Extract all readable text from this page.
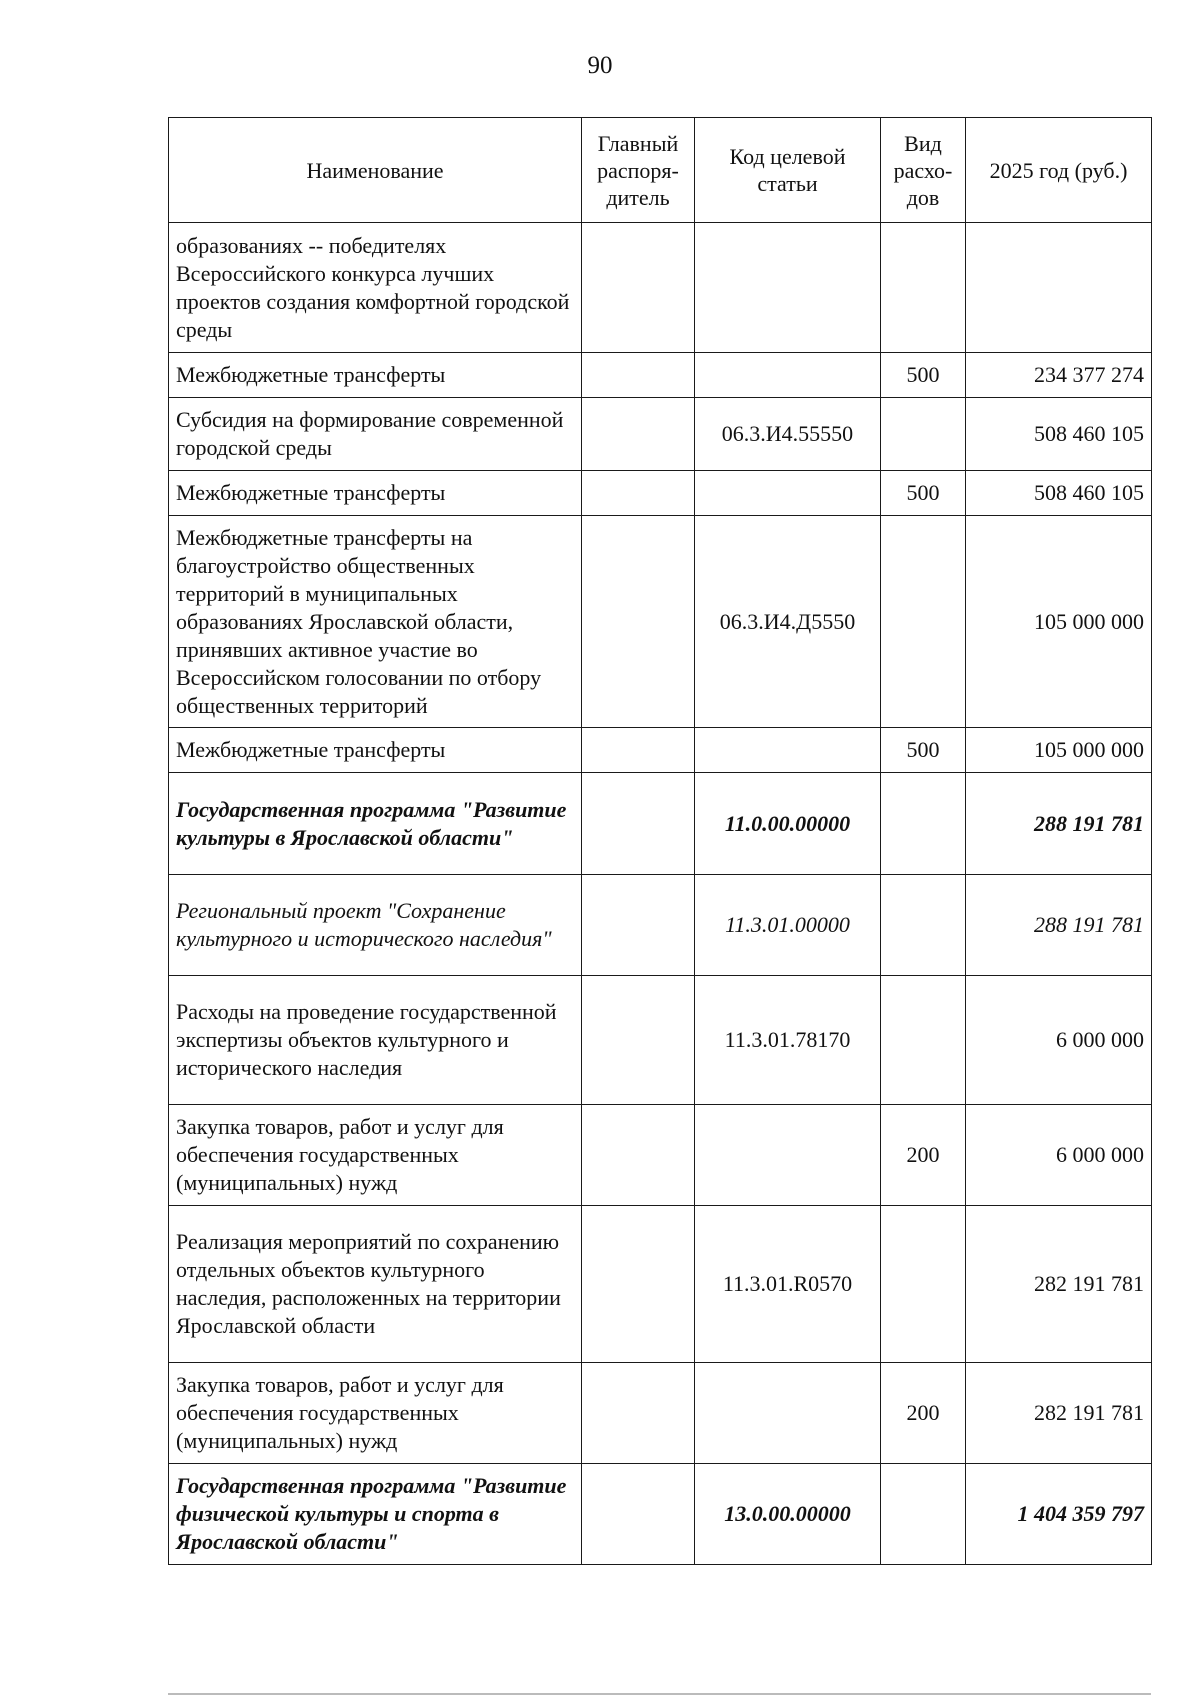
90
Наименование	Главный распоря-дитель	Код целевой статьи	Вид расхо-дов	2025 год (руб.)
образованиях -- победителях Всероссийского конкурса лучших проектов создания комфортной городской среды				
Межбюджетные трансферты			500	234 377 274
Субсидия на формирование современной городской среды		06.3.И4.55550		508 460 105
Межбюджетные трансферты			500	508 460 105
Межбюджетные трансферты на благоустройство общественных территорий в муниципальных образованиях Ярославской области, принявших активное участие во Всероссийском голосовании по отбору общественных территорий		06.3.И4.Д5550		105 000 000
Межбюджетные трансферты			500	105 000 000
Государственная программа "Развитие культуры в Ярославской области"		11.0.00.00000		288 191 781
Региональный проект "Сохранение культурного и исторического наследия"		11.3.01.00000		288 191 781
Расходы на проведение государственной экспертизы объектов культурного и исторического наследия		11.3.01.78170		6 000 000
Закупка товаров, работ и услуг для обеспечения государственных (муниципальных) нужд			200	6 000 000
Реализация мероприятий по сохранению отдельных объектов культурного наследия, расположенных на территории Ярославской области		11.3.01.R0570		282 191 781
Закупка товаров, работ и услуг для обеспечения государственных (муниципальных) нужд			200	282 191 781
Государственная программа "Развитие физической культуры и спорта в Ярославской области"		13.0.00.00000		1 404 359 797
